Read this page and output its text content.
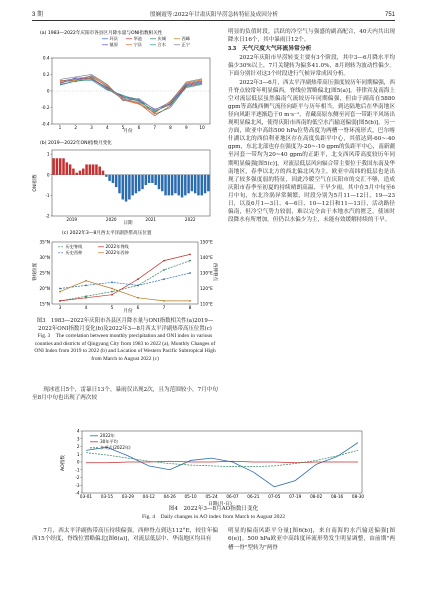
3 期	殷娴霞等:2022年甘肃庆阳旱涝急转特征及成因分析	751
(a) 1983—2022年庆阳市各县区月降水量与ONI指数相关性
环县	华池	庆城	西峰
镇原	宁县	合水	正宁
0.4
0.2
0
-0.2
-0.4
1	2	3	4	5	6	7	8	9	10
月份
(b) 2019—2022年ONI指数月变化
1
0
-1
-2
2019	2020	2021	2022
日期
ONI指数
(c) 2022年3—8月西太平洋副热带高压位置
历史脊线	2022年脊线
历史西伸	2022年西伸
35°N
30°N
25°N
20°N
15°N	110°E
120°E
130°E
140°E
150°E
3	4	5	6	7	8
月份
脊线位置	西伸脊点
图3　1983—2022年庆阳市各县区月降水量与ONI指数相关性(a)2019—2022年ONI指数月变化(b)及2022年3—8月西太平洋副热带高压位置(c)
Fig. 3　The correlation between monthly precipitation and ONI index in various counties and districts of Qingyang City from 1983 to 2022 (a), Monthly Changes of ONI Index from 2019 to 2022 (b) and Location of Western Pacific Subtropical High from March to August 2022 (c)

现冰雹日5个，雷暴日13个，暴雨仅出现2次，且为范围较小，7月中旬至8月中旬也出现了两次较

明显的负值时段，活跃的冷空气与强盛的副高配合，40天内共出现降水日16个，其中暴雨日12个。

3.3　天气尺度大气环流异常分析

2022年庆阳市旱涝转变主要有3个阶段，其中3—6月降水平均偏少30%以上，7月关键转为偏多41.0%，8月则转为波动性偏少。下面分别针对这3个时段进行气候异常成因分析。

2022年3—6月，西太平洋副热带高压强度较历年同期偏强，西升脊点较常年明显偏西，脊线位置略偏北[图5(a)]。菲律宾及南海上空对流层低层虽然偏南气流较历年同期偏强，但由于副高在5880 gpm等高线西侧气流径向距平与历年相当，到达陆地后在华南地区径向风距平逐渐趋于0 m·s⁻¹，青藏高原东侧至河套一带距平风场出现明显偏北风，使得庆阳市西南的低空水汽输送偏弱[图5(b)]。另一方面，欧亚中高纬500 hPa位势高度为两槽一脊环流形式，巴尔喀什湖以北的西伯利亚地区存在高度负距平中心，其值达到-60~-40 gpm，东北北部也存在强度为-20~-10 gpm的负距平中心，南新疆至河套一带均为20~40 gpm的正距平，北支西风带高度较历年同期明显偏强[图5(c)]，对流层低层风向辐合带主要位于我国东南及华南地区，春季以北方的西北偏北风为主，欧亚中高纬的低层也是出现了较多强度弱的特征，因此冷暖空气在庆阳市的交汇不够，造成庆阳市春季至初夏的持续晴朗高温、干旱少雨。其中在5月中旬至6月中旬，东北冷涡异常频繁，时段分别为5月11—12日、19—23日，以及6月1—3日、4—6日、10—12日和11—13日，活动路径偏南，但冷空气势力较弱，难以完全由于本地水汽的匮乏，使该时段降水有所增加，但仍以水偏少为主，未能有效缓解持续的干旱。

4
3
2
1
0
-1
-2
-3
-4
03-01 03-15 03-29 04-12 04-26 05-10 05-24 06-07 06-21 07-05 07-19 08-02 08-16 08-30
2022年
30年平均
多项式(2022年)
AO指数
日期(月-日)
图4　2022年3—8月AO指数日变化
Fig. 4　Daily changes in AO index from March to August 2022

7月，西太平洋副热带高压持续偏强，西伸脊点到达112°E，较往年偏西15个经度，脊线位置略偏北[图6(a)]，对流层低层中、华南地区均具有

明显的偏南风距平分量[图6(b)]，来自南海的水汽输送偏强[图6(e)]。500 hPa欧亚中高纬度环流形势发生明显调整，由前期"两槽一脊"型转为"两脊
